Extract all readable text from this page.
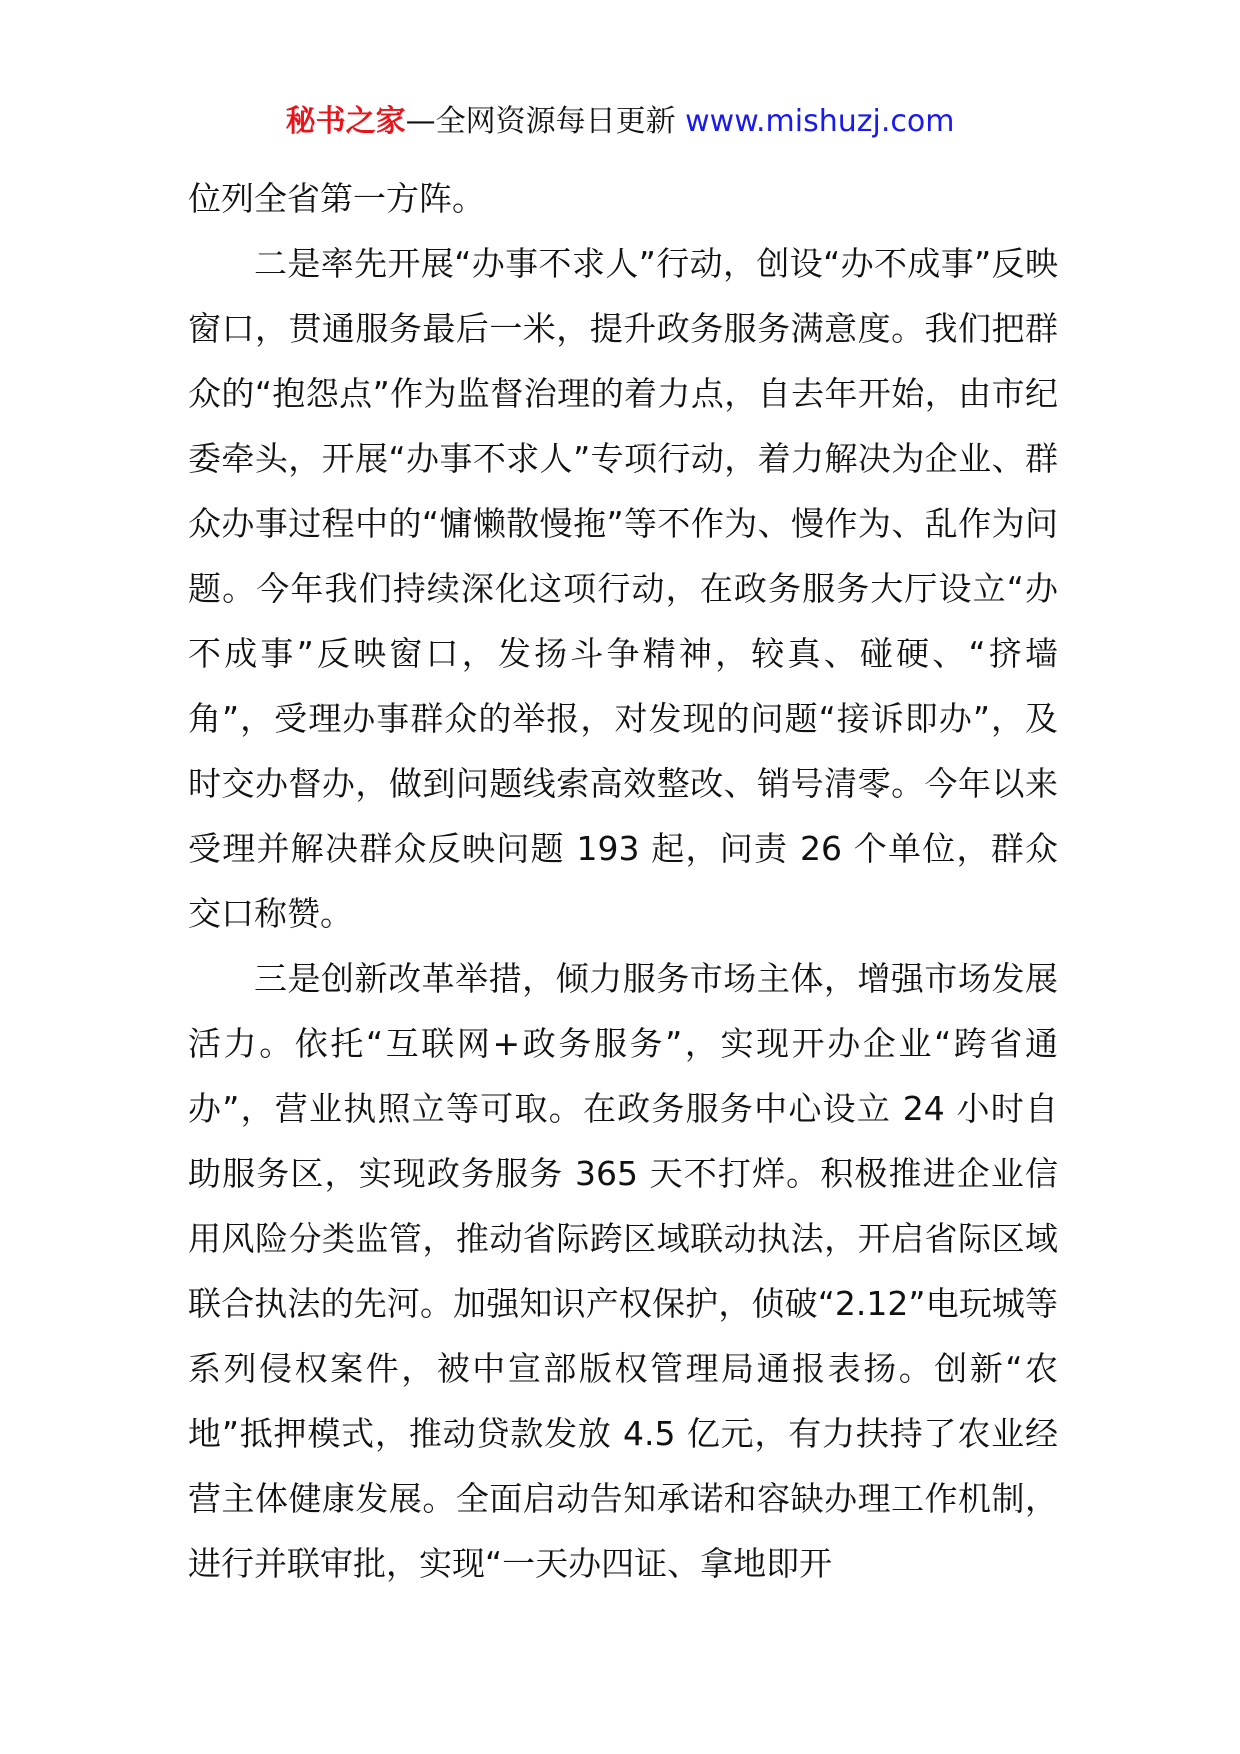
秘书之家—全网资源每日更新 www.mishuzj.com

位列全省第一方阵。

二是率先开展“办事不求人”行动，创设“办不成事”反映窗口，贯通服务最后一米，提升政务服务满意度。我们把群众的“抱怨点”作为监督治理的着力点，自去年开始，由市纪委牵头，开展“办事不求人”专项行动，着力解决为企业、群众办事过程中的“慵懒散慢拖”等不作为、慢作为、乱作为问题。今年我们持续深化这项行动，在政务服务大厅设立“办不成事”反映窗口，发扬斗争精神，较真、碰硬、“挤墙角”，受理办事群众的举报，对发现的问题“接诉即办”，及时交办督办，做到问题线索高效整改、销号清零。今年以来受理并解决群众反映问题 193 起，问责 26 个单位，群众交口称赞。

三是创新改革举措，倾力服务市场主体，增强市场发展活力。依托“互联网+政务服务”，实现开办企业“跨省通办”，营业执照立等可取。在政务服务中心设立 24 小时自助服务区，实现政务服务 365 天不打烊。积极推进企业信用风险分类监管，推动省际跨区域联动执法，开启省际区域联合执法的先河。加强知识产权保护，侦破“2.12”电玩城等系列侵权案件，被中宣部版权管理局通报表扬。创新“农地”抵押模式，推动贷款发放 4.5 亿元，有力扶持了农业经营主体健康发展。全面启动告知承诺和容缺办理工作机制，进行并联审批，实现“一天办四证、拿地即开
